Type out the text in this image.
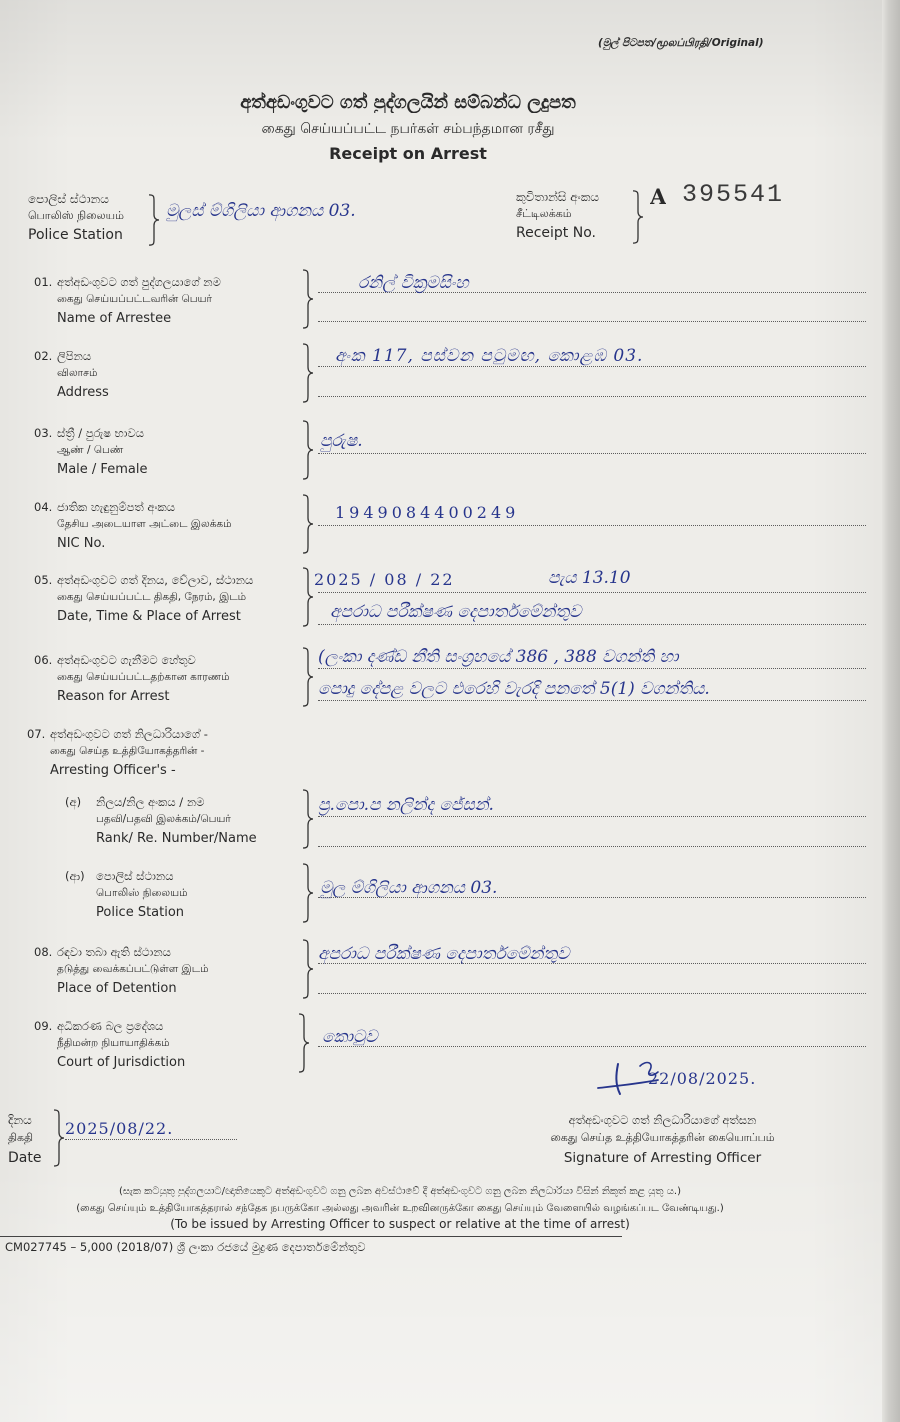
(මුල් පිටපත/மூலப்பிரதி/Original)
අත්අඩංගුවට ගත් පුද්ගලයින් සම්බන්ධ ලදුපත
கைது செய்யப்பட்ட நபர்கள் சம்பந்தமான ரசீது
Receipt on Arrest
පොලිස් ස්ථානය
பொலிஸ் நிலையம்
Police Station
මුලස් ම්ගිලියා ආගනය 03.
කුවිතාන්සි අංකය
சீட்டிலக்கம்
Receipt No.
A 395541
01. අත්අඩංගුවට ගත් පුද්ගලයාගේ නම
கைது செய்யப்பட்டவரின் பெயர்
Name of Arrestee
රනිල් වික්‍රමසිංහ
02. ලිපිනය
விலாசம்
Address
අංක 117, පස්වන පටුමඟ, කොළඹ 03.
03. ස්ත්‍රී / පුරුෂ භාවය
ஆண் / பெண்
Male / Female
පුරුෂ.
04. ජාතික හැඳුනුම්පත් අංකය
தேசிய அடையாள அட்டை இலக்கம்
NIC No.
1949084400249
05. අත්අඩංගුවට ගත් දිනය, වේලාව, ස්ථානය
கைது செய்யப்பட்ட திகதி, நேரம், இடம்
Date, Time & Place of Arrest
2025 / 08 / 22	පැය 13.10
අපරාධ පරීක්ෂණ දෙපාර්තමේන්තුව
06. අත්අඩංගුවට ගැනීමට හේතුව
கைது செய்யப்பட்டதற்கான காரணம்
Reason for Arrest
(ලංකා දණ්ඩ නීති සංග්‍රහයේ 386 , 388 වගන්ති හා
පොදු දේපළ වලට එරෙහි වැරදි පනතේ 5(1) වගන්තිය.
07. අත්අඩංගුවට ගත් නිලධාරියාගේ -
கைது செய்த உத்தியோகத்தரின் -
Arresting Officer's -
(අ) නිලය/නිල අංකය / නම
பதவி/பதவி இலக்கம்/பெயர்
Rank/ Re. Number/Name
ප්‍ර.පො.ප නලින්ද ජේසන්.
(ආ) පොලිස් ස්ථානය
பொலிஸ் நிலையம்
Police Station
මුල ම්ගිලියා ආගනය 03.
08. රඳවා තබා ඇති ස්ථානය
தடுத்து வைக்கப்பட்டுள்ள இடம்
Place of Detention
අපරාධ පරීක්ෂණ දෙපාර්තමේන්තුව
09. අධිකරණ බල ප්‍රදේශය
நீதிமன்ற நியாயாதிக்கம்
Court of Jurisdiction
කොටුව
22/08/2025.
අත්අඩංගුවට ගත් නිලධාරියාගේ අත්සන
கைது செய்த உத்தியோகத்தரின் கையொப்பம்
Signature of Arresting Officer
දිනය
திகதி
Date
2025/08/22.
(සැක කටයුතු පුද්ගලයාට/ඥාතියෙකුට අත්අඩංගුවට ගනු ලබන අවස්ථාවේ දී අත්අඩංගුවට ගනු ලබන නිලධාරියා විසින් නිකුත් කළ යුතු ය.)
(கைது செய்யும் உத்தியோகத்தரால் சந்தேக நபருக்கோ அல்லது அவரின் உறவினருக்கோ கைது செய்யும் வேளையில் வழங்கப்பட வேண்டியது.)
(To be issued by Arresting Officer to suspect or relative at the time of arrest)
CM027745 – 5,000 (2018/07) ශ්‍රී ලංකා රජයේ මුද්‍රණ දෙපාර්තමේන්තුව
